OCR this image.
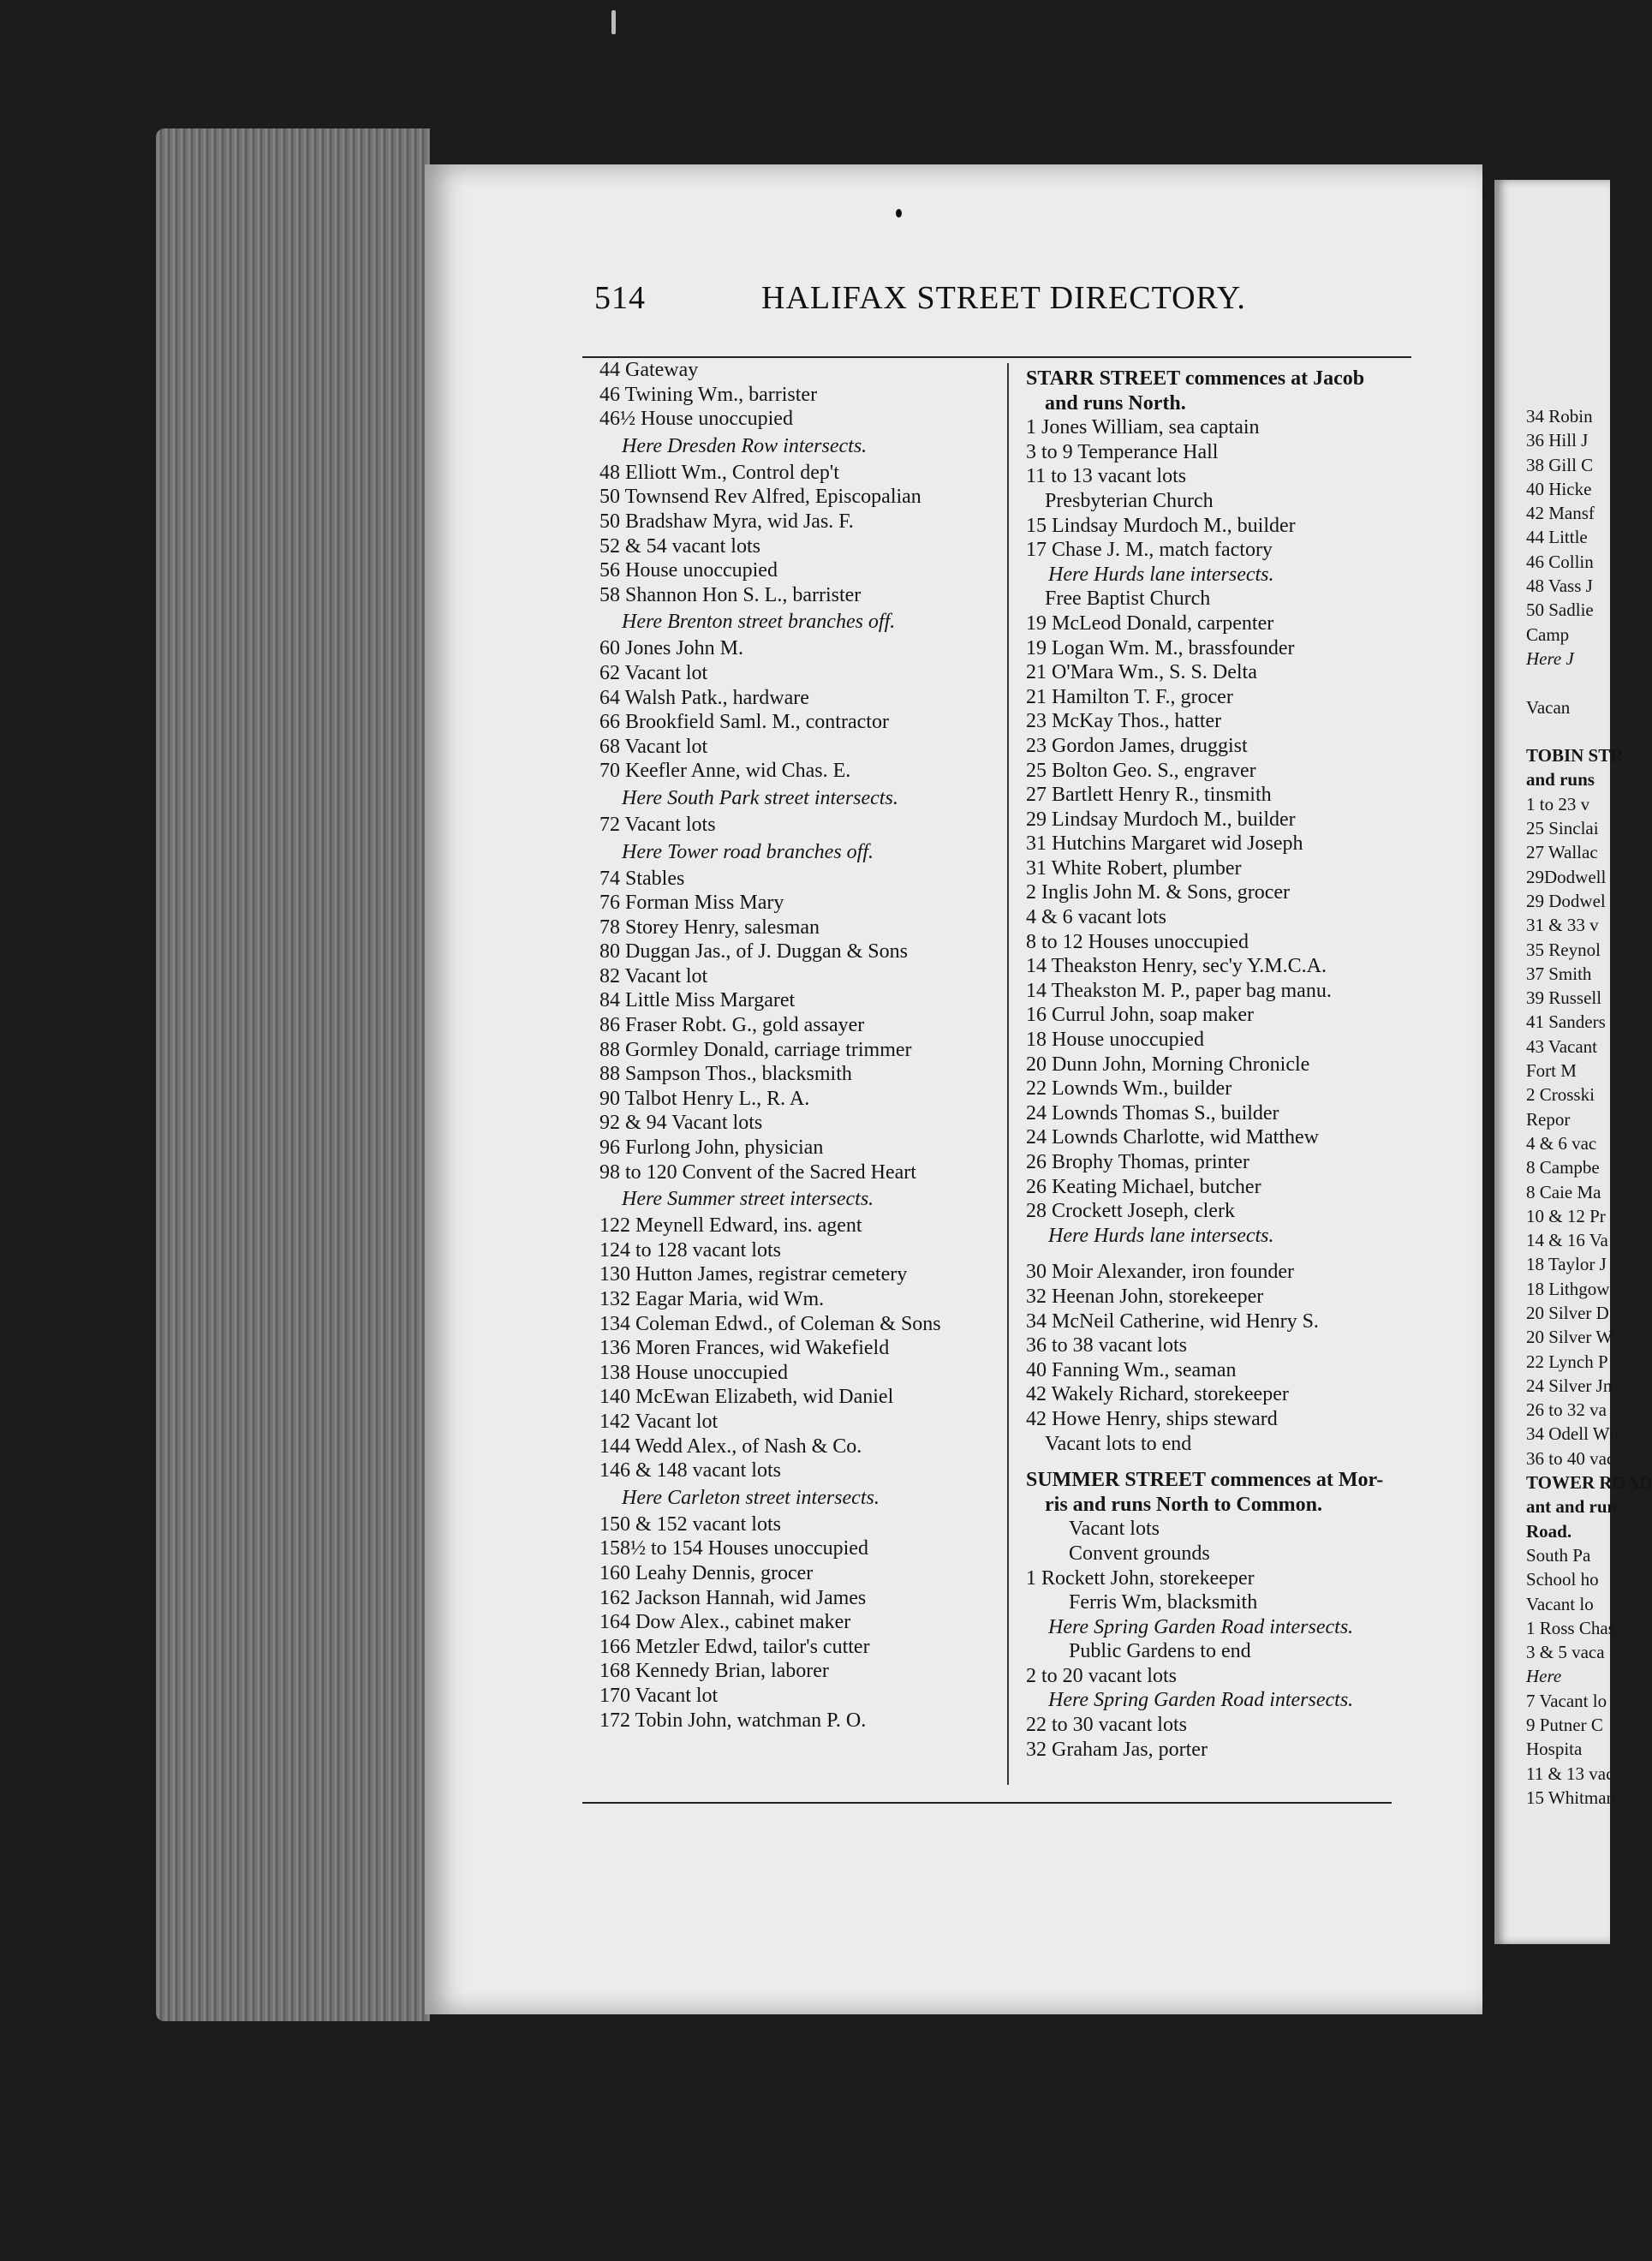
514	HALIFAX STREET DIRECTORY.
44 Gateway
46 Twining Wm., barrister
46½ House unoccupied
Here Dresden Row intersects.
48 Elliott Wm., Control dep't
50 Townsend Rev Alfred, Episcopalian
50 Bradshaw Myra, wid Jas. F.
52 & 54 vacant lots
56 House unoccupied
58 Shannon Hon S. L., barrister
Here Brenton street branches off.
60 Jones John M.
62 Vacant lot
64 Walsh Patk., hardware
66 Brookfield Saml. M., contractor
68 Vacant lot
70 Keefler Anne, wid Chas. E.
Here South Park street intersects.
72 Vacant lots
Here Tower road branches off.
74 Stables
76 Forman Miss Mary
78 Storey Henry, salesman
80 Duggan Jas., of J. Duggan & Sons
82 Vacant lot
84 Little Miss Margaret
86 Fraser Robt. G., gold assayer
88 Gormley Donald, carriage trimmer
88 Sampson Thos., blacksmith
90 Talbot Henry L., R. A.
92 & 94 Vacant lots
96 Furlong John, physician
98 to 120 Convent of the Sacred Heart
Here Summer street intersects.
122 Meynell Edward, ins. agent
124 to 128 vacant lots
130 Hutton James, registrar cemetery
132 Eagar Maria, wid Wm.
134 Coleman Edwd., of Coleman & Sons
136 Moren Frances, wid Wakefield
138 House unoccupied
140 McEwan Elizabeth, wid Daniel
142 Vacant lot
144 Wedd Alex., of Nash & Co.
146 & 148 vacant lots
Here Carleton street intersects.
150 & 152 vacant lots
158½ to 154 Houses unoccupied
160 Leahy Dennis, grocer
162 Jackson Hannah, wid James
164 Dow Alex., cabinet maker
166 Metzler Edwd, tailor's cutter
168 Kennedy Brian, laborer
170 Vacant lot
172 Tobin John, watchman P. O.
STARR STREET commences at Jacob
and runs North.
1 Jones William, sea captain
3 to 9 Temperance Hall
11 to 13 vacant lots
Presbyterian Church
15 Lindsay Murdoch M., builder
17 Chase J. M., match factory
Here Hurds lane intersects.
Free Baptist Church
19 McLeod Donald, carpenter
19 Logan Wm. M., brassfounder
21 O'Mara Wm., S. S. Delta
21 Hamilton T. F., grocer
23 McKay Thos., hatter
23 Gordon James, druggist
25 Bolton Geo. S., engraver
27 Bartlett Henry R., tinsmith
29 Lindsay Murdoch M., builder
31 Hutchins Margaret wid Joseph
31 White Robert, plumber
2 Inglis John M. & Sons, grocer
4 & 6 vacant lots
8 to 12 Houses unoccupied
14 Theakston Henry, sec'y Y.M.C.A.
14 Theakston M. P., paper bag manu.
16 Currul John, soap maker
18 House unoccupied
20 Dunn John, Morning Chronicle
22 Lownds Wm., builder
24 Lownds Thomas S., builder
24 Lownds Charlotte, wid Matthew
26 Brophy Thomas, printer
26 Keating Michael, butcher
28 Crockett Joseph, clerk
Here Hurds lane intersects.
30 Moir Alexander, iron founder
32 Heenan John, storekeeper
34 McNeil Catherine, wid Henry S.
36 to 38 vacant lots
40 Fanning Wm., seaman
42 Wakely Richard, storekeeper
42 Howe Henry, ships steward
Vacant lots to end
SUMMER STREET commences at Mor-
ris and runs North to Common.
Vacant lots
Convent grounds
1 Rockett John, storekeeper
Ferris Wm, blacksmith
Here Spring Garden Road intersects.
Public Gardens to end
2 to 20 vacant lots
Here Spring Garden Road intersects.
22 to 30 vacant lots
32 Graham Jas, porter
34 Robin
36 Hill J
38 Gill C
40 Hicke
42 Mansf
44 Little
46 Collin
48 Vass J
50 Sadlie
Camp
Here J
Vacan
TOBIN STR
and runs
1 to 23 v
25 Sinclai
27 Wallac
29Dodwell
29 Dodwel
31 & 33 v
35 Reynol
37 Smith
39 Russell
41 Sanders
43 Vacant
Fort M
2 Crosski
Repor
4 & 6 vac
8 Campbe
8 Caie Ma
10 & 12 Pr
14 & 16 Va
18 Taylor J
18 Lithgow
20 Silver D
20 Silver W
22 Lynch P
24 Silver Jn
26 to 32 va
34 Odell Wn
36 to 40 vac
TOWER ROAD
ant and run
Road.
South Pa
School ho
Vacant lo
1 Ross Chas
3 & 5 vaca
Here
7 Vacant lo
9 Putner C
Hospita
11 & 13 vac
15 Whitman
